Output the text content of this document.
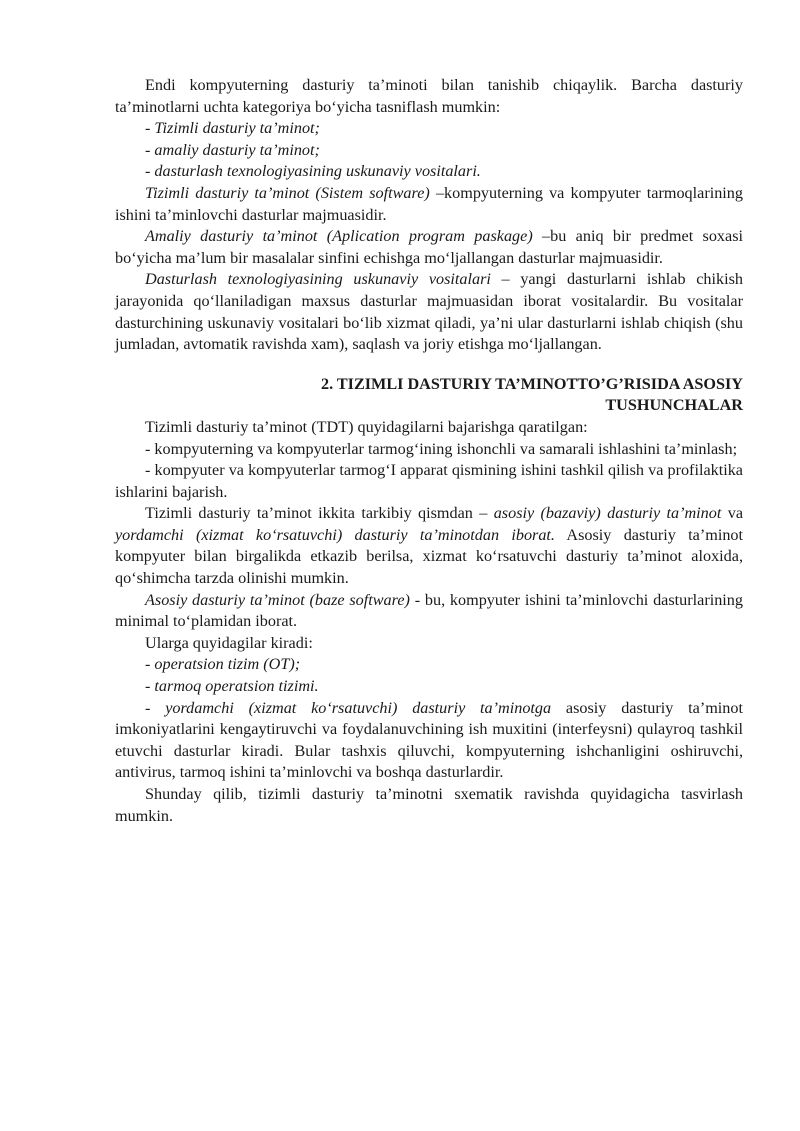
Endi kompyuterning dasturiy ta’minoti bilan tanishib chiqaylik. Barcha dasturiy ta’minotlarni uchta kategoriya bo‘yicha tasniflash mumkin:

- Tizimli dasturiy ta’minot;

- amaliy dasturiy ta’minot;

- dasturlash texnologiyasining uskunaviy vositalari.

Tizimli dasturiy ta’minot (Sistem software) –kompyuterning va kompyuter tarmoqlarining ishini ta’minlovchi dasturlar majmuasidir.

Amaliy dasturiy ta’minot (Aplication program paskage) –bu aniq bir predmet soxasi bo‘yicha ma’lum bir masalalar sinfini echishga mo‘ljallangan dasturlar majmuasidir.

Dasturlash texnologiyasining uskunaviy vositalari – yangi dasturlarni ishlab chikish jarayonida qo‘llaniladigan maxsus dasturlar majmuasidan iborat vositalardir. Bu vositalar dasturchining uskunaviy vositalari bo‘lib xizmat qiladi, ya’ni ular dasturlarni ishlab chiqish (shu jumladan, avtomatik ravishda xam), saqlash va joriy etishga mo‘ljallangan.

2. TIZIMLI DASTURIY TA’MINOTTO’G’RISIDA ASOSIY
TUSHUNCHALAR

Tizimli dasturiy ta’minot (TDT) quyidagilarni bajarishga qaratilgan:

- kompyuterning va kompyuterlar tarmog‘ining ishonchli va samarali ishlashini ta’minlash;

- kompyuter va kompyuterlar tarmog‘I apparat qismining ishini tashkil qilish va profilaktika ishlarini bajarish.

Tizimli dasturiy ta’minot ikkita tarkibiy qismdan – asosiy (bazaviy) dasturiy ta’minot va yordamchi (xizmat ko‘rsatuvchi) dasturiy ta’minotdan iborat. Asosiy dasturiy ta’minot kompyuter bilan birgalikda etkazib berilsa, xizmat ko‘rsatuvchi dasturiy ta’minot aloxida, qo‘shimcha tarzda olinishi mumkin.

Asosiy dasturiy ta’minot (baze software) - bu, kompyuter ishini ta’minlovchi dasturlarining minimal to‘plamidan iborat.

Ularga quyidagilar kiradi:

- operatsion tizim (OT);

- tarmoq operatsion tizimi.

- yordamchi (xizmat ko‘rsatuvchi) dasturiy ta’minotga asosiy dasturiy ta’minot imkoniyatlarini kengaytiruvchi va foydalanuvchining ish muxitini (interfeysni) qulayroq tashkil etuvchi dasturlar kiradi. Bular tashxis qiluvchi, kompyuterning ishchanligini oshiruvchi, antivirus, tarmoq ishini ta’minlovchi va boshqa dasturlardir.

Shunday qilib, tizimli dasturiy ta’minotni sxematik ravishda quyidagicha tasvirlash mumkin.
